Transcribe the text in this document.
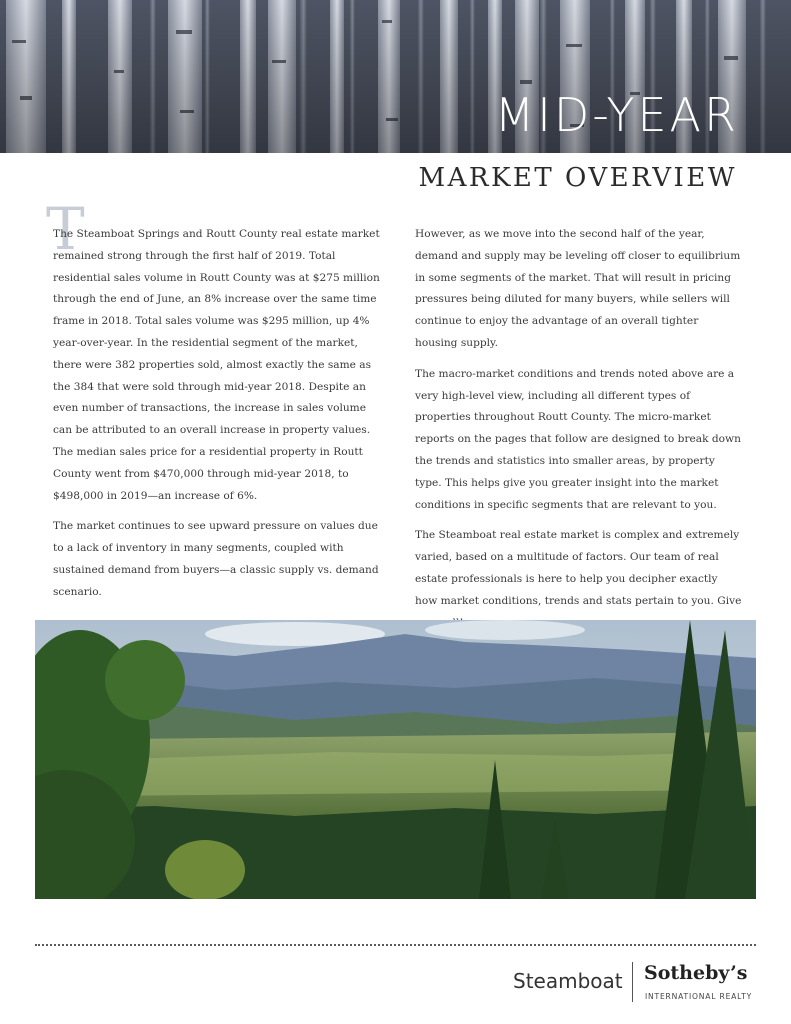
MID-YEAR
MARKET OVERVIEW
T

The Steamboat Springs and Routt County real estate market remained strong through the first half of 2019. Total residential sales volume in Routt County was at $275 million through the end of June, an 8% increase over the same time frame in 2018. Total sales volume was $295 million, up 4% year-over-year. In the residential segment of the market, there were 382 properties sold, almost exactly the same as the 384 that were sold through mid-year 2018. Despite an even number of transactions, the increase in sales volume can be attributed to an overall increase in property values. The median sales price for a residential property in Routt County went from $470,000 through mid-year 2018, to $498,000 in 2019—an increase of 6%.

The market continues to see upward pressure on values due to a lack of inventory in many segments, coupled with sustained demand from buyers—a classic supply vs. demand scenario.

However, as we move into the second half of the year, demand and supply may be leveling off closer to equilibrium in some segments of the market. That will result in pricing pressures being diluted for many buyers, while sellers will continue to enjoy the advantage of an overall tighter housing supply.

The macro-market conditions and trends noted above are a very high-level view, including all different types of properties throughout Routt County. The micro-market reports on the pages that follow are designed to break down the trends and statistics into smaller areas, by property type. This helps give you greater insight into the market conditions in specific segments that are relevant to you.

The Steamboat real estate market is complex and extremely varied, based on a multitude of factors. Our team of real estate professionals is here to help you decipher exactly how market conditions, trends and stats pertain to you. Give

Steamboat Sotheby’s
INTERNATIONAL REALTY
